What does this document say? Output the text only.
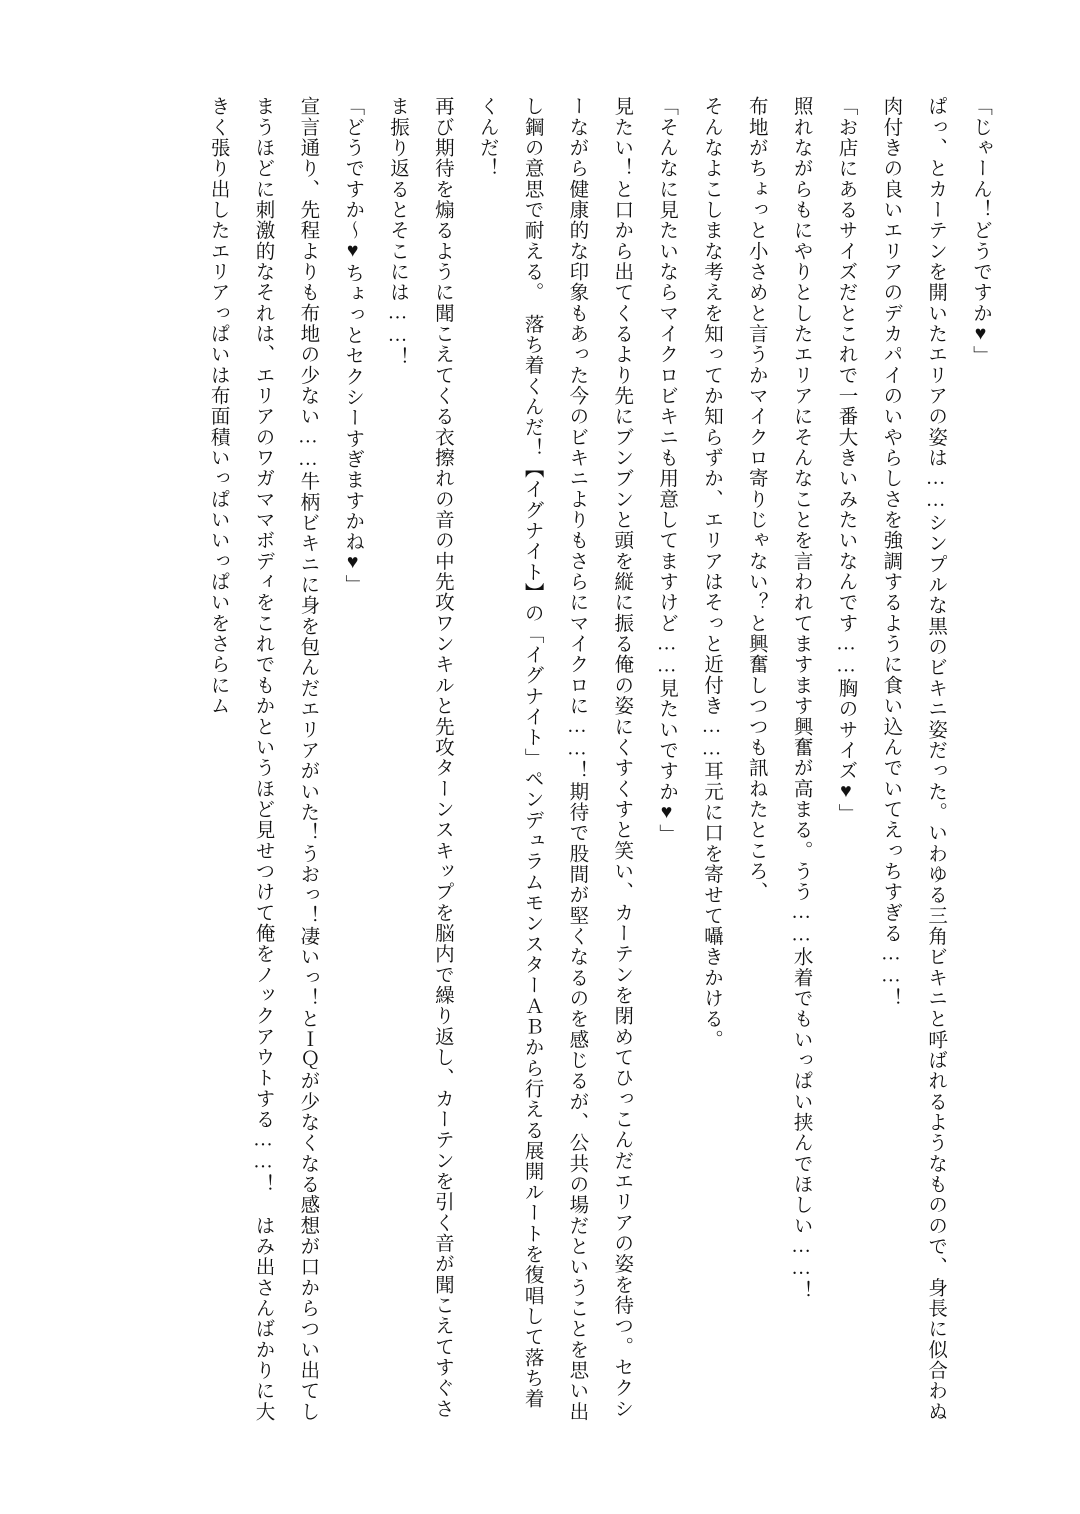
「じゃーん！どうですか♥」

ぱっ、とカーテンを開いたエリアの姿は……シンプルな黒のビキニ姿だった。いわゆる三角ビキニと呼ばれるようなものので、身長に似合わぬ肉付きの良いエリアのデカパイのいやらしさを強調するように食い込んでいてえっちすぎる……！

「お店にあるサイズだとこれで一番大きいみたいなんです……胸のサイズ♥」

照れながらもにやりとしたエリアにそんなことを言われてますます興奮が高まる。うう……水着でもいっぱい挟んでほしい……！

布地がちょっと小さめと言うかマイクロ寄りじゃない？と興奮しつつも訊ねたところ、

そんなよこしまな考えを知ってか知らずか、エリアはそっと近付き……耳元に口を寄せて囁きかける。

「そんなに見たいならマイクロビキニも用意してますけど……見たいですか♥」

見たい！と口から出てくるより先にブンブンと頭を縦に振る俺の姿にくすくすと笑い、カーテンを閉めてひっこんだエリアの姿を待つ。セクシーながら健康的な印象もあった今のビキニよりもさらにマイクロに……！期待で股間が堅くなるのを感じるが、公共の場だということを思い出し鋼の意思で耐える。　落ち着くんだ！【イグナイト】の「イグナイト」ペンデュラムモンスターＡＢから行える展開ルートを復唱して落ち着くんだ！

再び期待を煽るように聞こえてくる衣擦れの音の中先攻ワンキルと先攻ターンスキップを脳内で繰り返し、カーテンを引く音が聞こえてすぐさま振り返るとそこには……！

「どうですか〜♥ちょっとセクシーすぎますかね♥」

宣言通り、先程よりも布地の少ない……牛柄ビキニに身を包んだエリアがいた！うおっ！凄いっ！とＩＱが少なくなる感想が口からつい出てしまうほどに刺激的なそれは、エリアのワガママボディをこれでもかというほど見せつけて俺をノックアウトする……！　はみ出さんばかりに大きく張り出したエリアっぱいは布面積いっぱいいっぱいをさらにム
